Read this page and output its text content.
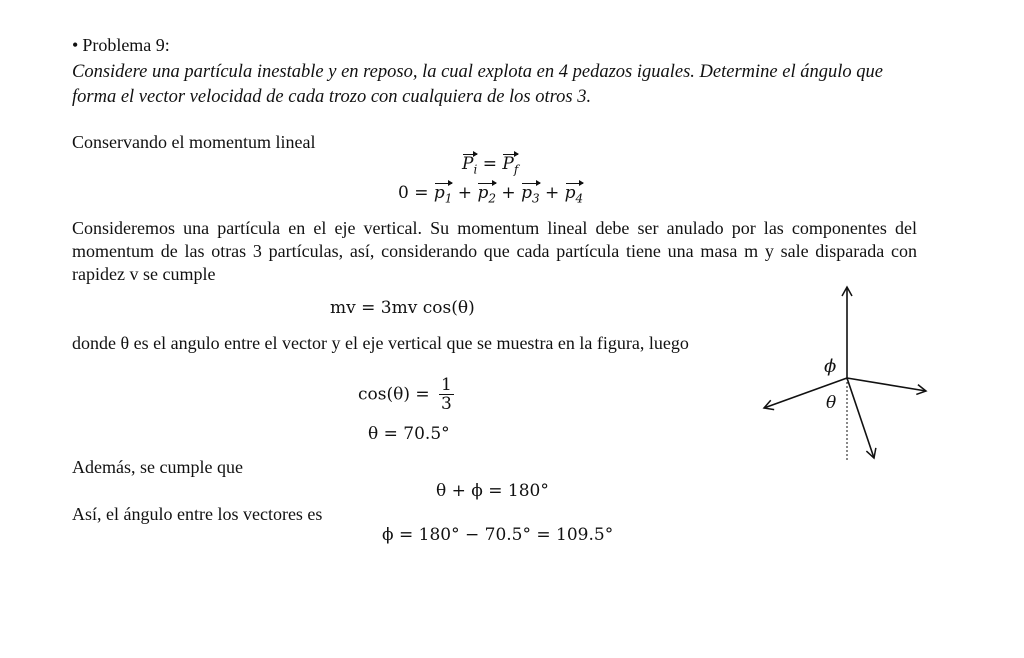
• Problema 9:
Considere una partícula inestable y en reposo, la cual explota en 4 pedazos iguales. Determine el ángulo que forma el vector velocidad de cada trozo con cualquiera de los otros 3.
Conservando el momentum lineal
$P_i = P_f$
$0 = p_1 + p_2 + p_3 + p_4$
Consideremos una partícula en el eje vertical. Su momentum lineal debe ser anulado por las componentes del momentum de las otras 3 partículas, así, considerando que cada partícula tiene una masa m y sale disparada con rapidez v se cumple
mv = 3mv cos(θ)
donde θ es el angulo entre el vector y el eje vertical que se muestra en la figura, luego
$\cos(\theta) = \frac{1}{3}$
θ = 70.5°
Además, se cumple que
θ + ϕ = 180°
Así, el ángulo entre los vectores es
ϕ = 180° − 70.5° = 109.5°
ϕ
θ
